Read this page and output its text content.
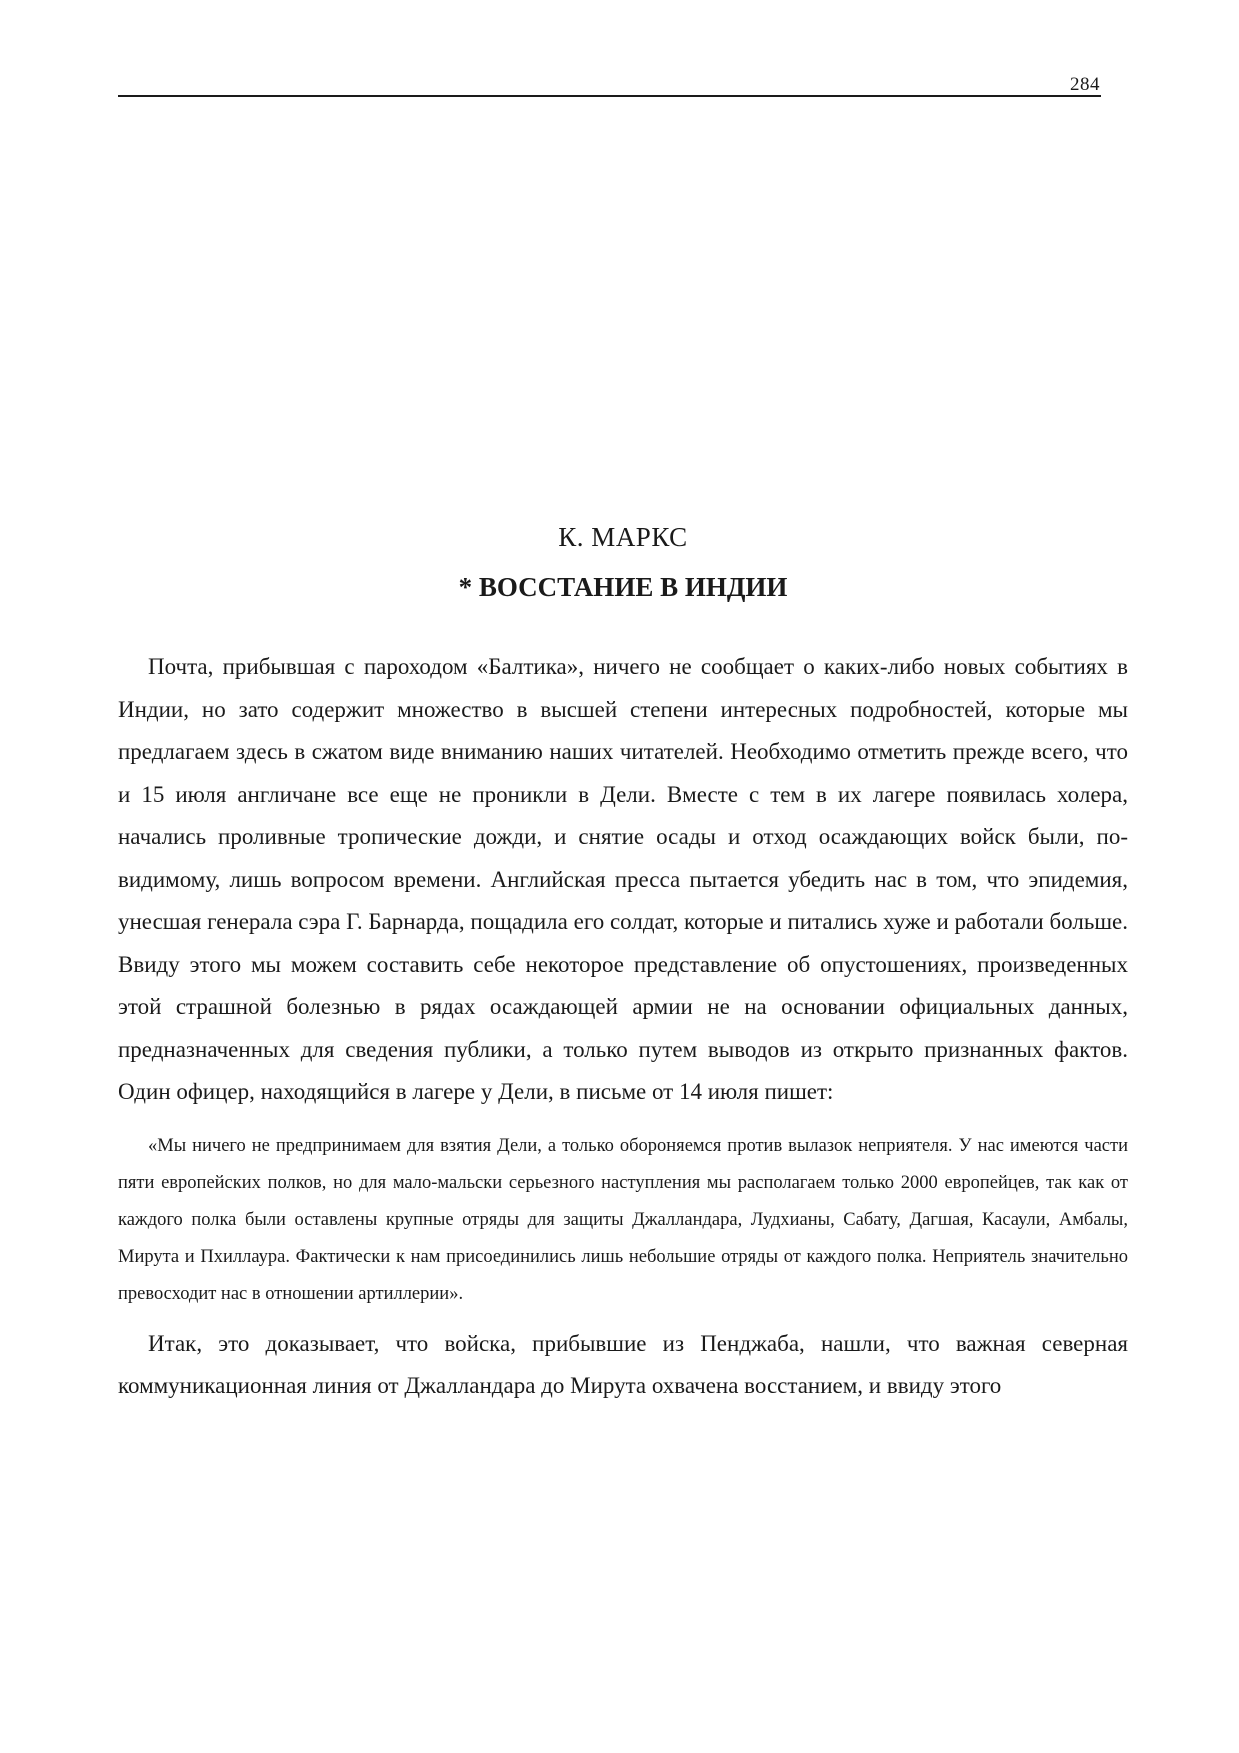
284
К. МАРКС
* ВОССТАНИЕ В ИНДИИ

Почта, прибывшая с пароходом «Балтика», ничего не сообщает о каких-либо новых событиях в Индии, но зато содержит множество в высшей степени интересных подробностей, которые мы предлагаем здесь в сжатом виде вниманию наших читателей. Необходимо отметить прежде всего, что и 15 июля англичане все еще не проникли в Дели. Вместе с тем в их лагере появилась холера, начались проливные тропические дожди, и снятие осады и отход осаждающих войск были, по-видимому, лишь вопросом времени. Английская пресса пытается убедить нас в том, что эпидемия, унесшая генерала сэра Г. Барнарда, пощадила его солдат, которые и питались хуже и работали больше. Ввиду этого мы можем составить себе некоторое представление об опустошениях, произведенных этой страшной болезнью в рядах осаждающей армии не на основании официальных данных, предназначенных для сведения публики, а только путем выводов из открыто признанных фактов. Один офицер, находящийся в лагере у Дели, в письме от 14 июля пишет:

«Мы ничего не предпринимаем для взятия Дели, а только обороняемся против вылазок неприятеля. У нас имеются части пяти европейских полков, но для мало-мальски серьезного наступления мы располагаем только 2000 европейцев, так как от каждого полка были оставлены крупные отряды для защиты Джаллaндара, Лудхианы, Сабату, Дагшая, Касаули, Амбалы, Мирута и Пхиллаура. Фактически к нам присоединились лишь небольшие отряды от каждого полка. Неприятель значительно превосходит нас в отношении артиллерии».

Итак, это доказывает, что войска, прибывшие из Пенджаба, нашли, что важная северная коммуникационная линия от Джаллaндара до Мирута охвачена восстанием, и ввиду этого
